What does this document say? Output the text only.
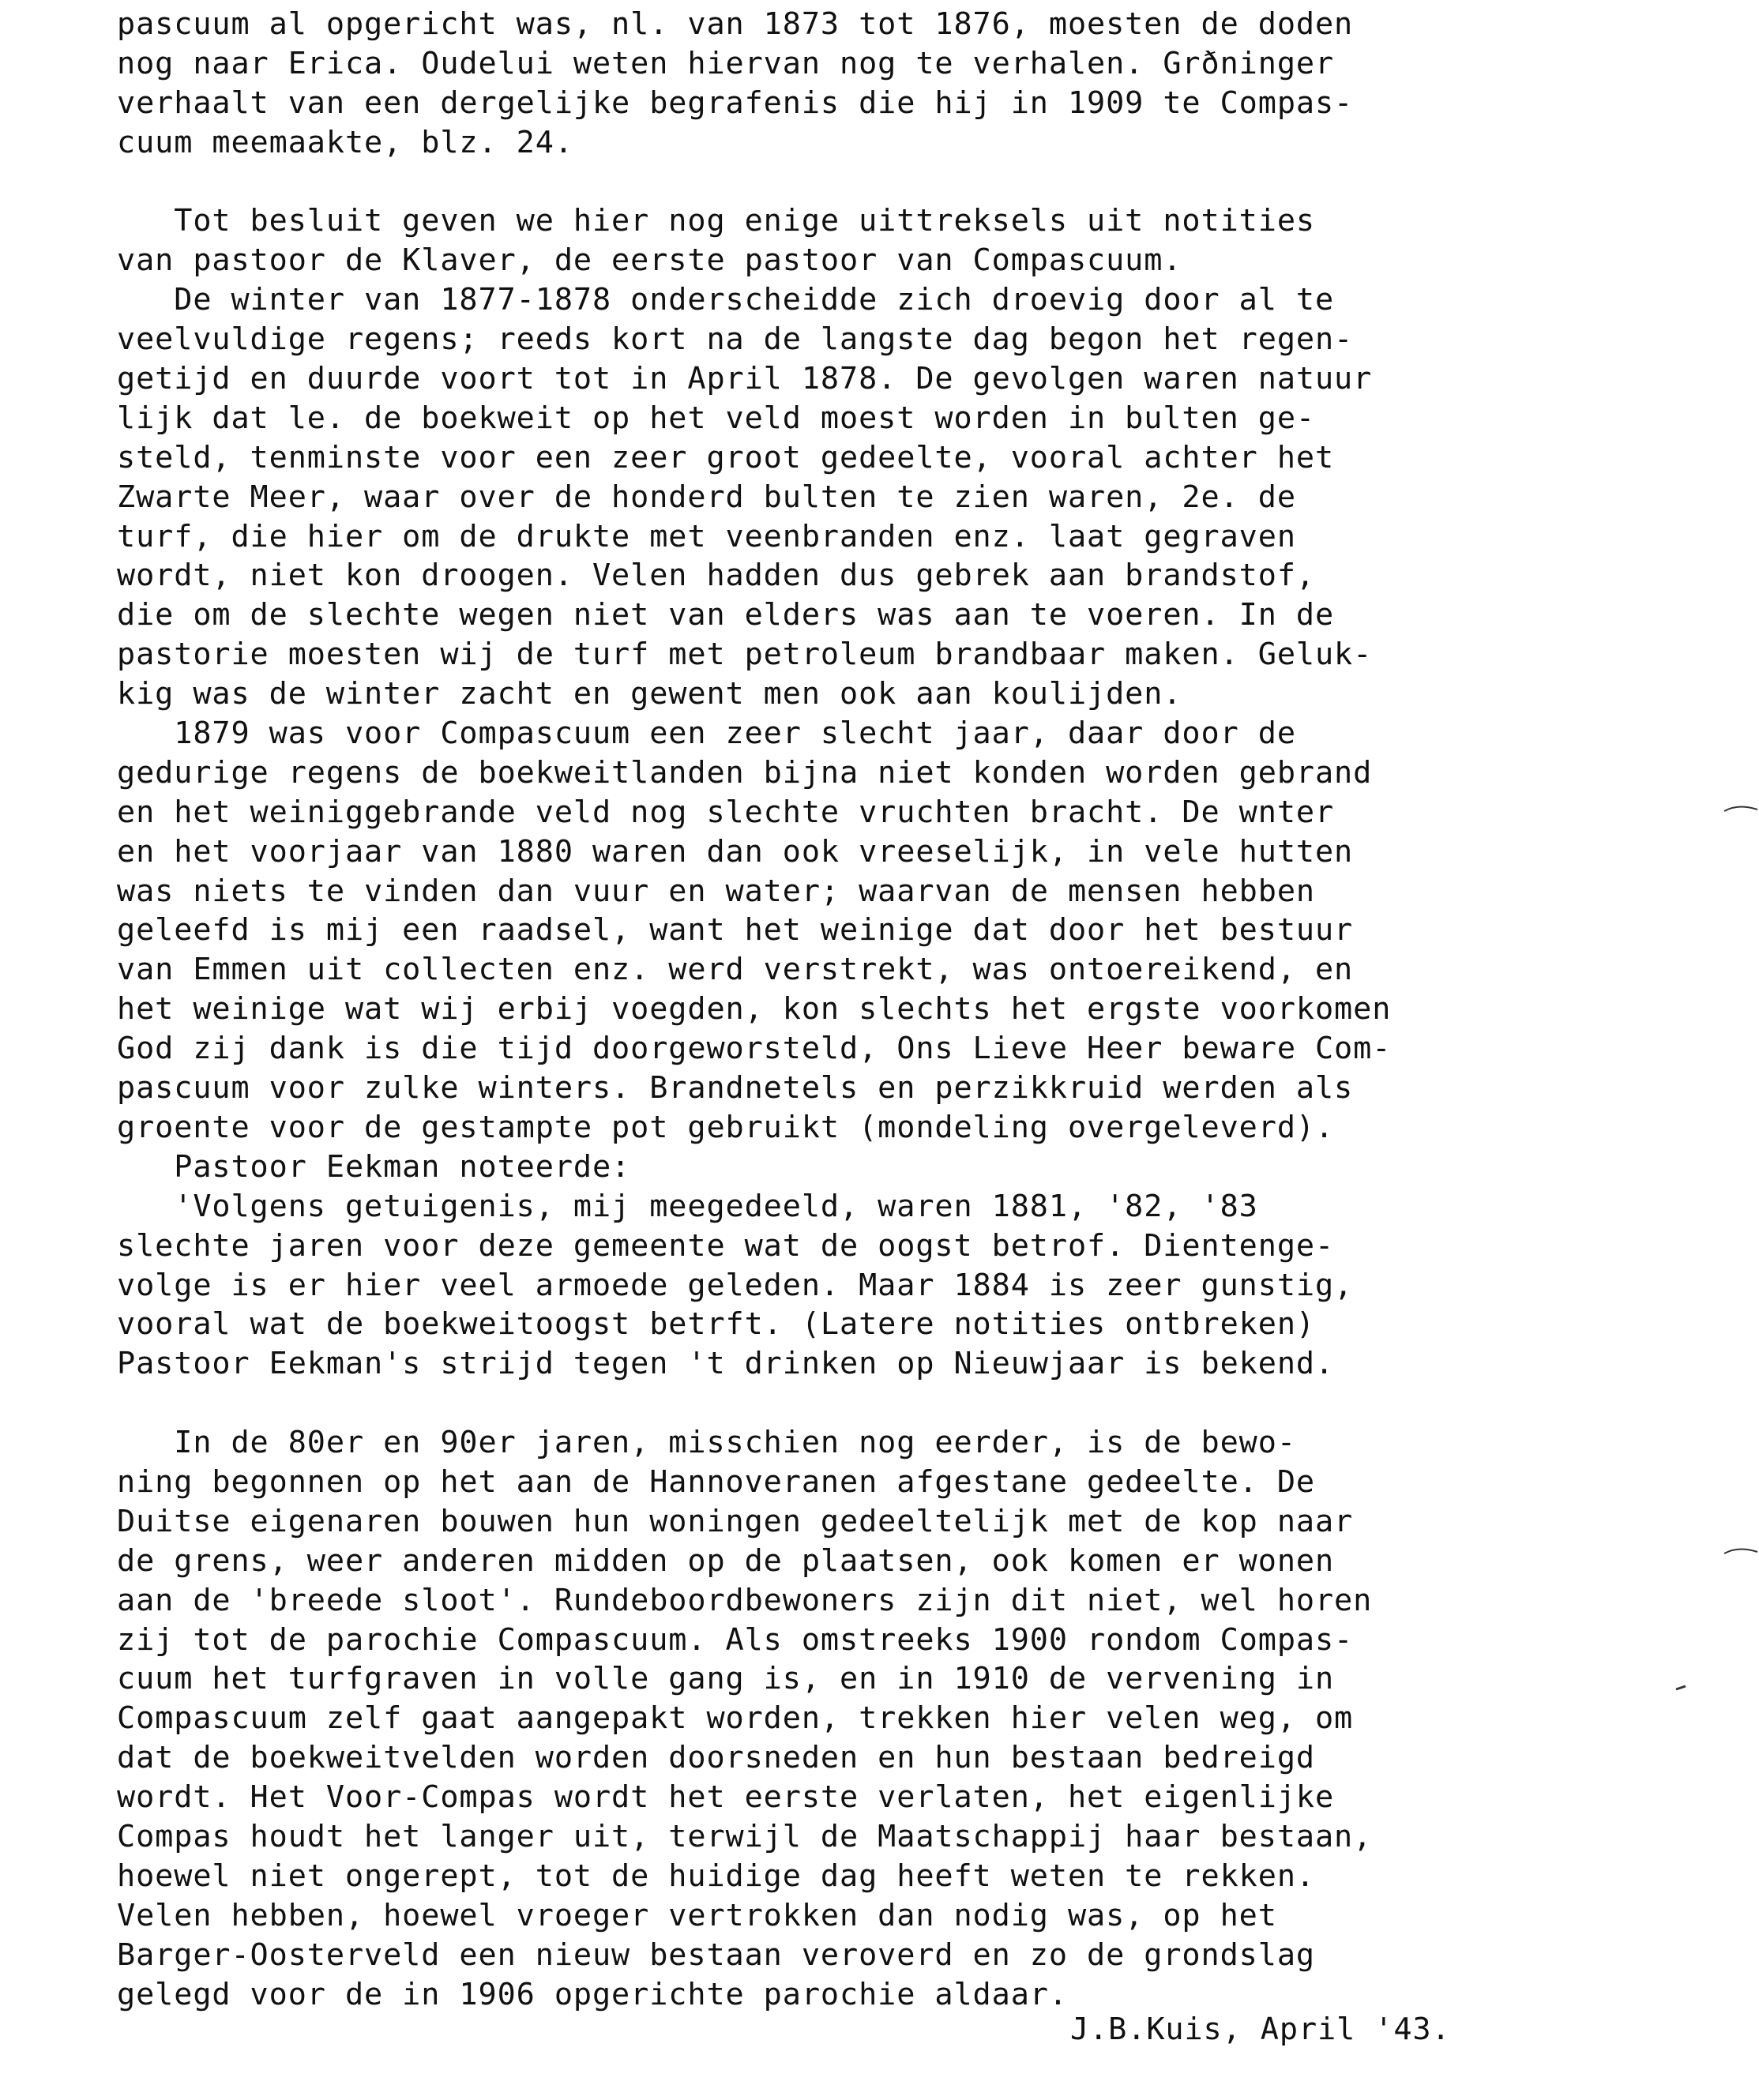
pascuum al opgericht was, nl. van 1873 tot 1876, moesten de doden
nog naar Erica. Oudelui weten hiervan nog te verhalen. Grðninger
verhaalt van een dergelijke begrafenis die hij in 1909 te Compas-
cuum meemaakte, blz. 24.
Tot besluit geven we hier nog enige uittreksels uit notities
van pastoor de Klaver, de eerste pastoor van Compascuum.
De winter van 1877-1878 onderscheidde zich droevig door al te
veelvuldige regens; reeds kort na de langste dag begon het regen-
getijd en duurde voort tot in April 1878. De gevolgen waren natuur
lijk dat le. de boekweit op het veld moest worden in bulten ge-
steld, tenminste voor een zeer groot gedeelte, vooral achter het
Zwarte Meer, waar over de honderd bulten te zien waren, 2e. de
turf, die hier om de drukte met veenbranden enz. laat gegraven
wordt, niet kon droogen. Velen hadden dus gebrek aan brandstof,
die om de slechte wegen niet van elders was aan te voeren. In de
pastorie moesten wij de turf met petroleum brandbaar maken. Geluk-
kig was de winter zacht en gewent men ook aan koulijden.
1879 was voor Compascuum een zeer slecht jaar, daar door de
gedurige regens de boekweitlanden bijna niet konden worden gebrand
en het weiniggebrande veld nog slechte vruchten bracht. De wnter
en het voorjaar van 1880 waren dan ook vreeselijk, in vele hutten
was niets te vinden dan vuur en water; waarvan de mensen hebben
geleefd is mij een raadsel, want het weinige dat door het bestuur
van Emmen uit collecten enz. werd verstrekt, was ontoereikend, en
het weinige wat wij erbij voegden, kon slechts het ergste voorkomen
God zij dank is die tijd doorgeworsteld, Ons Lieve Heer beware Com-
pascuum voor zulke winters. Brandnetels en perzikkruid werden als
groente voor de gestampte pot gebruikt (mondeling overgeleverd).
Pastoor Eekman noteerde:
'Volgens getuigenis, mij meegedeeld, waren 1881, '82, '83
slechte jaren voor deze gemeente wat de oogst betrof. Dientenge-
volge is er hier veel armoede geleden. Maar 1884 is zeer gunstig,
vooral wat de boekweitoogst betrft. (Latere notities ontbreken)
Pastoor Eekman's strijd tegen 't drinken op Nieuwjaar is bekend.
In de 80er en 90er jaren, misschien nog eerder, is de bewo-
ning begonnen op het aan de Hannoveranen afgestane gedeelte. De
Duitse eigenaren bouwen hun woningen gedeeltelijk met de kop naar
de grens, weer anderen midden op de plaatsen, ook komen er wonen
aan de 'breede sloot'. Rundeboordbewoners zijn dit niet, wel horen
zij tot de parochie Compascuum. Als omstreeks 1900 rondom Compas-
cuum het turfgraven in volle gang is, en in 1910 de vervening in
Compascuum zelf gaat aangepakt worden, trekken hier velen weg, om
dat de boekweitvelden worden doorsneden en hun bestaan bedreigd
wordt. Het Voor-Compas wordt het eerste verlaten, het eigenlijke
Compas houdt het langer uit, terwijl de Maatschappij haar bestaan,
hoewel niet ongerept, tot de huidige dag heeft weten te rekken.
Velen hebben, hoewel vroeger vertrokken dan nodig was, op het
Barger-Oosterveld een nieuw bestaan veroverd en zo de grondslag
gelegd voor de in 1906 opgerichte parochie aldaar.
J.B.Kuis, April '43.
